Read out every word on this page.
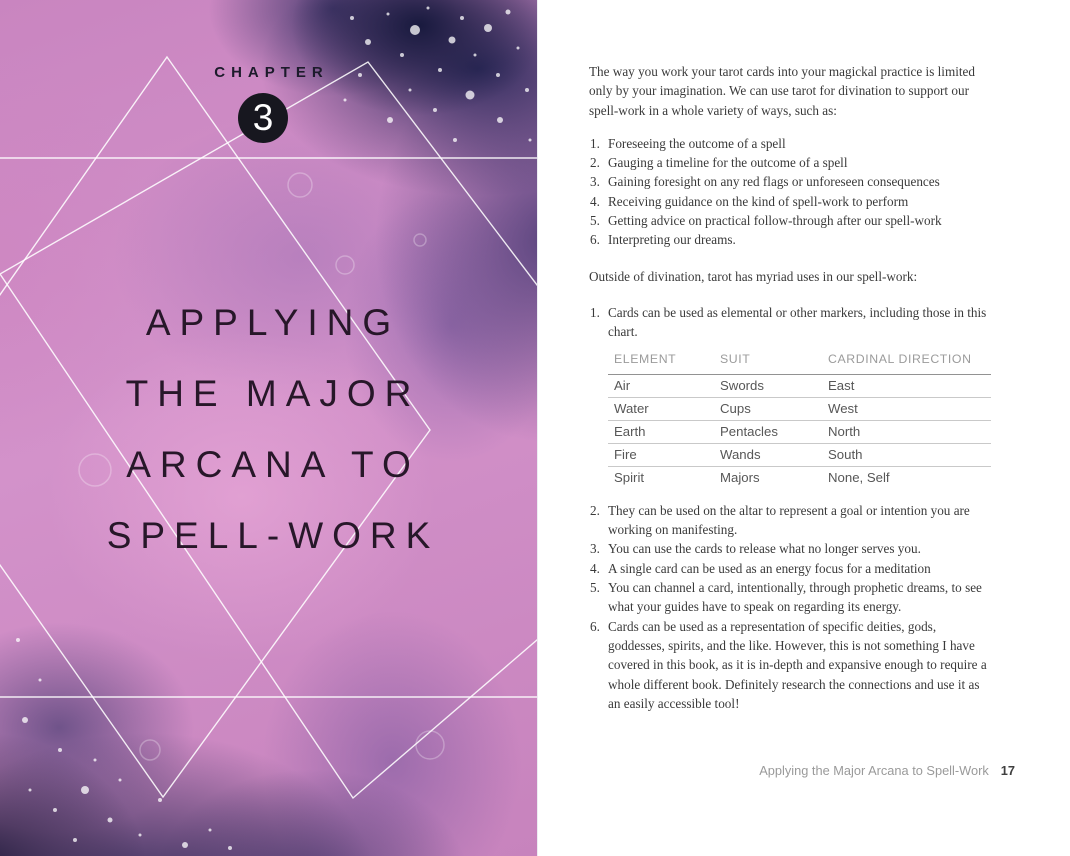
CHAPTER
3
APPLYING
THE MAJOR
ARCANA TO
SPELL-WORK

The way you work your tarot cards into your magickal practice is limited only by your imagination. We can use tarot for divination to support our spell-work in a whole variety of ways, such as:

Foreseeing the outcome of a spell
Gauging a timeline for the outcome of a spell
Gaining foresight on any red flags or unforeseen consequences
Receiving guidance on the kind of spell-work to perform
Getting advice on practical follow-through after our spell-work
Interpreting our dreams.

Outside of divination, tarot has myriad uses in our spell-work:

Cards can be used as elemental or other markers, including those in this chart.
ELEMENT	SUIT	CARDINAL DIRECTION
Air	Swords	East
Water	Cups	West
Earth	Pentacles	North
Fire	Wands	South
Spirit	Majors	None, Self
They can be used on the altar to represent a goal or intention you are working on manifesting.
You can use the cards to release what no longer serves you.
A single card can be used as an energy focus for a meditation
You can channel a card, intentionally, through prophetic dreams, to see what your guides have to speak on regarding its energy.
Cards can be used as a representation of specific deities, gods, goddesses, spirits, and the like. However, this is not something I have covered in this book, as it is in-depth and expansive enough to require a whole different book. Definitely research the connections and use it as an easily accessible tool!
Applying the Major Arcana to Spell-Work 17
